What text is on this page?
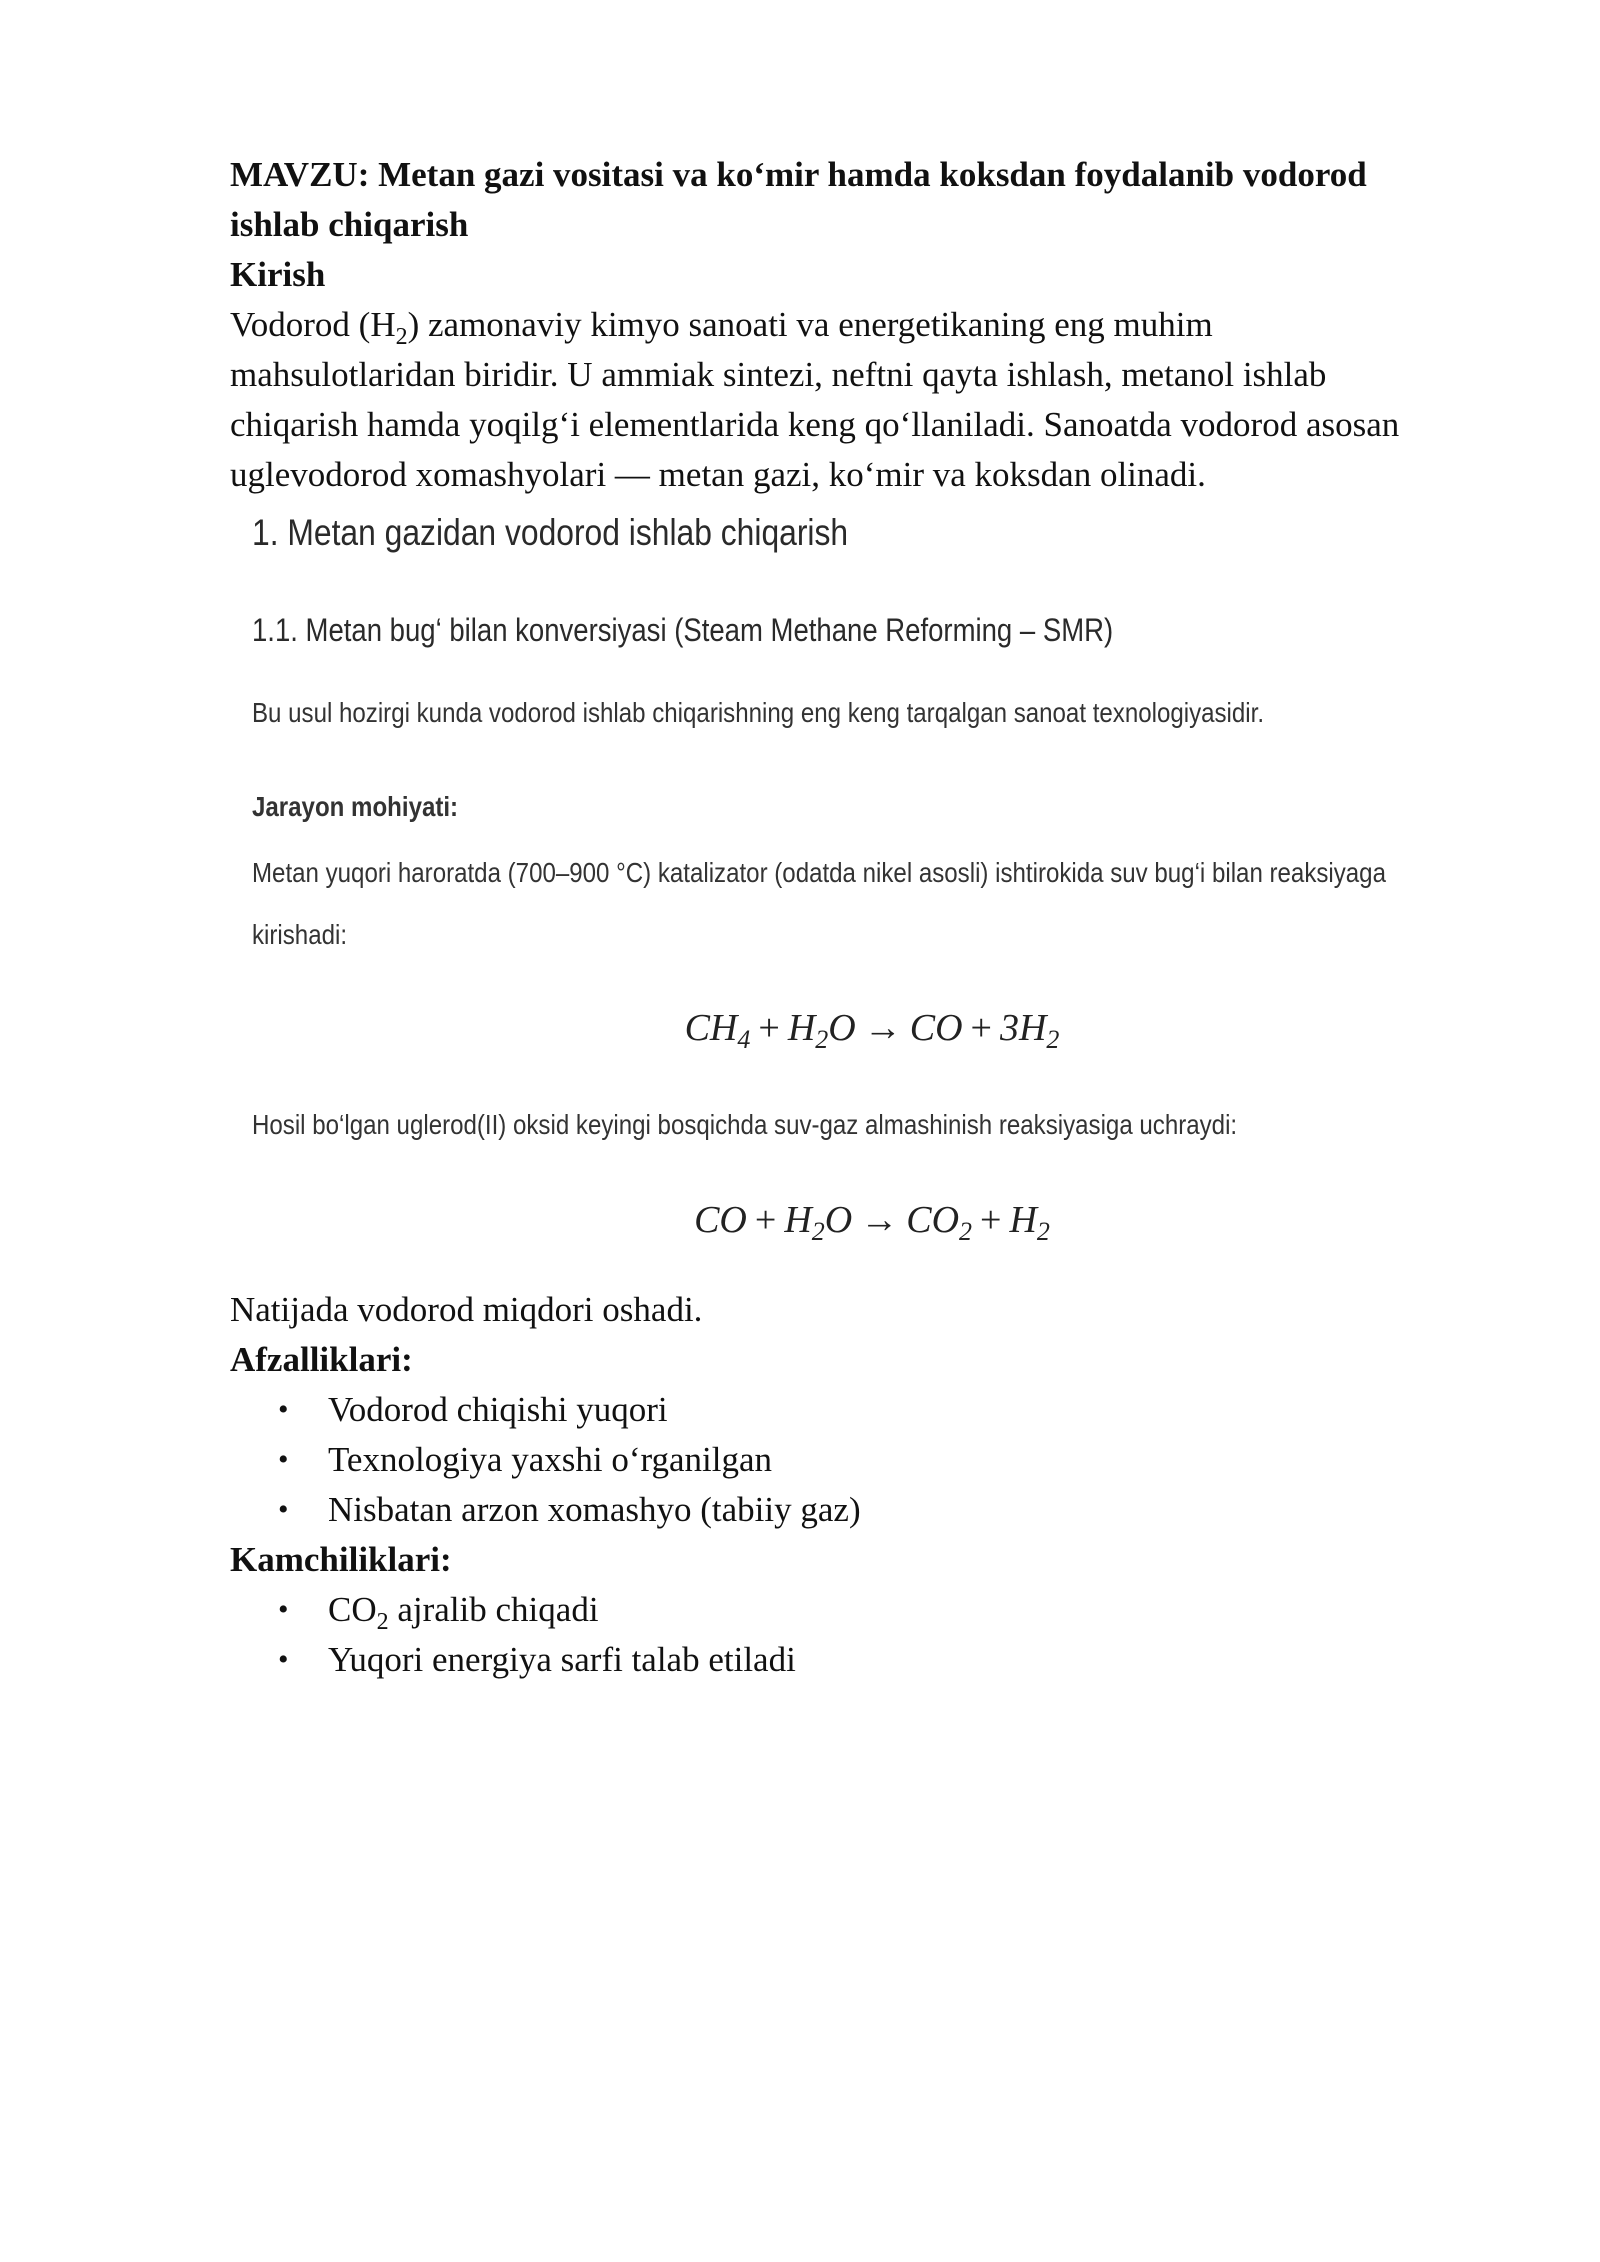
MAVZU: Metan gazi vositasi va ko‘mir hamda koksdan foydalanib vodorod
ishlab chiqarish

Kirish

Vodorod $(H_2)$ zamonaviy kimyo sanoati va energetikaning eng muhim
mahsulotlaridan biridir. U ammiak sintezi, neftni qayta ishlash, metanol ishlab
chiqarish hamda yoqilg‘i elementlarida keng qo‘llaniladi. Sanoatda vodorod asosan
uglevodorod xomashyolari — metan gazi, ko‘mir va koksdan olinadi.

1. Metan gazidan vodorod ishlab chiqarish
1.1. Metan bug‘ bilan konversiyasi (Steam Methane Reforming – SMR)
Bu usul hozirgi kunda vodorod ishlab chiqarishning eng keng tarqalgan sanoat texnologiyasidir.
Jarayon mohiyati:
Metan yuqori haroratda (700–900 °C) katalizator (odatda nikel asosli) ishtirokida suv bug‘i bilan reaksiyaga
kirishadi:
$CH_4 + H_2O$ → CO + $3H_2$
Hosil bo‘lgan uglerod(II) oksid keyingi bosqichda suv-gaz almashinish reaksiyasiga uchraydi:
CO + $H_2O \to CO_2 + H_2$

Natijada vodorod miqdori oshadi.

Afzalliklari:

• Vodorod chiqishi yuqori
• Texnologiya yaxshi o‘rganilgan
• Nisbatan arzon xomashyo (tabiiy gaz)

Kamchiliklari:

• $CO_2$ ajralib chiqadi
• Yuqori energiya sarfi talab etiladi
